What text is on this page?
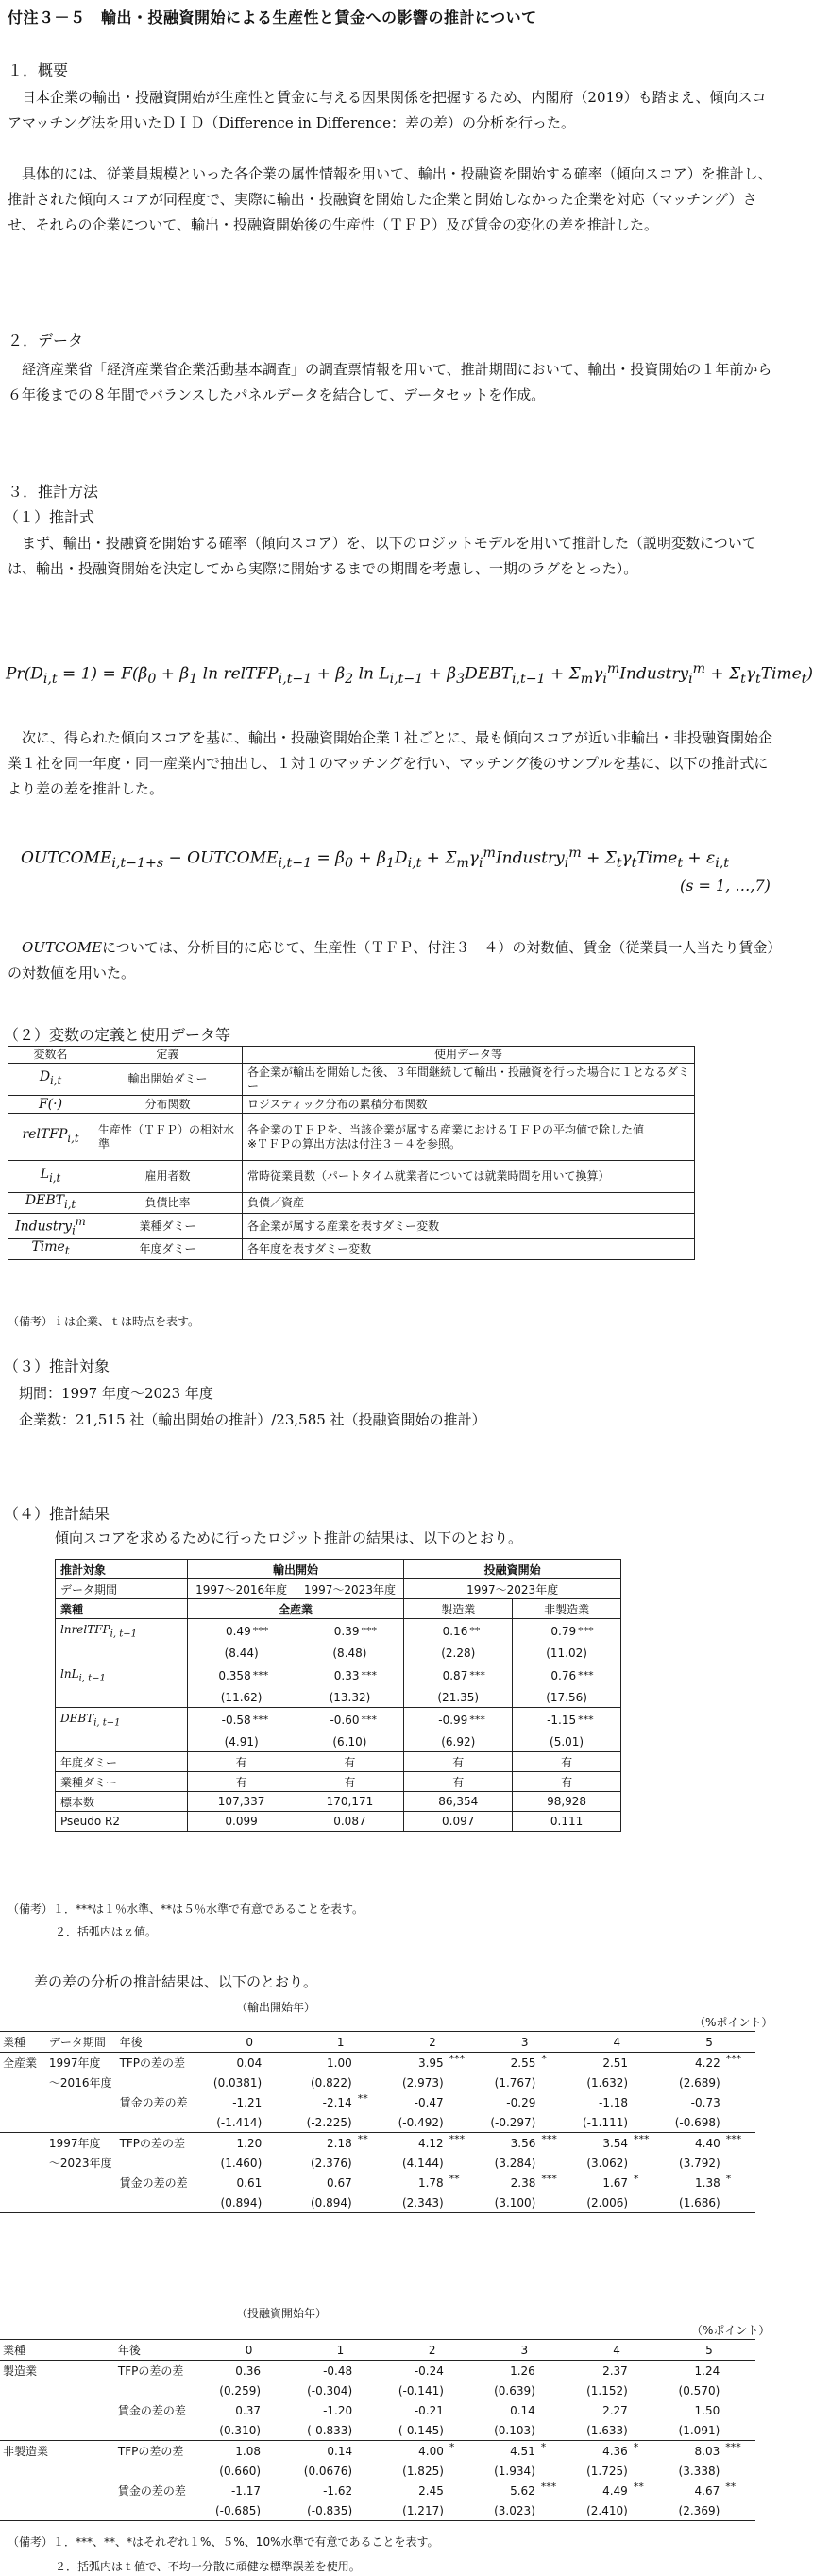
付注３－５　輸出・投融資開始による生産性と賃金への影響の推計について
１．概要
日本企業の輸出・投融資開始が生産性と賃金に与える因果関係を把握するため、内閣府（2019）も踏まえ、傾向スコアマッチング法を用いたＤＩＤ（Difference in Difference：差の差）の分析を行った。
具体的には、従業員規模といった各企業の属性情報を用いて、輸出・投融資を開始する確率（傾向スコア）を推計し、推計された傾向スコアが同程度で、実際に輸出・投融資を開始した企業と開始しなかった企業を対応（マッチング）させ、それらの企業について、輸出・投融資開始後の生産性（ＴＦＰ）及び賃金の変化の差を推計した。
２．データ
経済産業省「経済産業省企業活動基本調査」の調査票情報を用いて、推計期間において、輸出・投資開始の１年前から６年後までの８年間でバランスしたパネルデータを結合して、データセットを作成。
３．推計方法
（１）推計式
まず、輸出・投融資を開始する確率（傾向スコア）を、以下のロジットモデルを用いて推計した（説明変数については、輸出・投融資開始を決定してから実際に開始するまでの期間を考慮し、一期のラグをとった）。
$Pr(D_{i,t} = 1) = F(\beta_0 + \beta_1$ ln relTFP$_{i,t-1}$ + $\beta_2$ $\ln L_{i,t-1}$ + $\beta_3DEBT_{i,t-1}$ + $\Sigma_m\gamma_i^mIndustry_i^m$ + $\Sigma_t\gamma_tTime_t$)
次に、得られた傾向スコアを基に、輸出・投融資開始企業１社ごとに、最も傾向スコアが近い非輸出・非投融資開始企業１社を同一年度・同一産業内で抽出し、１対１のマッチングを行い、マッチング後のサンプルを基に、以下の推計式により差の差を推計した。
$OUTCOME_{i,t-1+s}$ − $OUTCOME_{i,t-1} = \beta_0 + \beta_1D_{i,t}$ + $\Sigma_m\gamma_i^mIndustry_i^m$ + $\Sigma_t\gamma_tTime_t + \varepsilon_{i,t}$
(s = 1, …,7)
OUTCOMEについては、分析目的に応じて、生産性（ＴＦＰ、付注３－４）の対数値、賃金（従業員一人当たり賃金）の対数値を用いた。
（２）変数の定義と使用データ等
変数名	定義	使用データ等
$D_{i,t}$	輸出開始ダミー	各企業が輸出を開始した後、３年間継続して輸出・投融資を行った場合に１となるダミー
F(·)	分布関数	ロジスティック分布の累積分布関数
relTFP$_{i,t}$	生産性（ＴＦＰ）の相対水準	各企業のＴＦＰを、当該企業が属する産業におけるＴＦＰの平均値で除した値
※ＴＦＰの算出方法は付注３－４を参照。

$L_{i,t}$	雇用者数	常時従業員数（パートタイム就業者については就業時間を用いて換算）
$DEBT_{i,t}$	負債比率	負債／資産
Industry$_i^m$	業種ダミー	各企業が属する産業を表すダミー変数
Time$_t$	年度ダミー	各年度を表すダミー変数
（備考）ｉは企業、ｔは時点を表す。
（３）推計対象
期間：1997 年度～2023 年度
企業数：21,515 社（輸出開始の推計）/23,585 社（投融資開始の推計）
（４）推計結果
傾向スコアを求めるために行ったロジット推計の結果は、以下のとおり。
推計対象	輸出開始		投融資開始	
データ期間	1997～2016年度	1997～2023年度	1997～2023年度	
業種	全産業		製造業	非製造業
lnrelTFP$_{i, t-1}$	0.49 ***	0.39 ***	0.16 **	0.79 ***
	(8.44)	(8.48)	(2.28)	(11.02)
lnL$_{i, t-1}$	0.358 ***	0.33 ***	0.87 ***	0.76 ***
	(11.62)	(13.32)	(21.35)	(17.56)
$DEBT_{i, t-1}$	-0.58 ***	-0.60 ***	-0.99 ***	-1.15 ***
	(4.91)	(6.10)	(6.92)	(5.01)
年度ダミー	有	有	有	有
業種ダミー	有	有	有	有
標本数	107,337	170,171	86,354	98,928
Pseudo R2	0.099	0.087	0.097	0.111
（備考）１．***は１％水準、**は５％水準で有意であることを表す。
２．括弧内はｚ値。
差の差の分析の推計結果は、以下のとおり。
（輸出開始年）
（%ポイント）
業種	データ期間	年後	0		1		2		3		4		5	
全産業	1997年度	TFPの差の差	0.04		1.00		3.95	***	2.55	*	2.51		4.22	***
	～2016年度		(0.0381)		(0.822)		(2.973)		(1.767)		(1.632)		(2.689)	
		賃金の差の差	-1.21		-2.14	**	-0.47		-0.29		-1.18		-0.73	
			(-1.414)		(-2.225)		(-0.492)		(-0.297)		(-1.111)		(-0.698)	
	1997年度	TFPの差の差	1.20		2.18	**	4.12	***	3.56	***	3.54	***	4.40	***
	～2023年度		(1.460)		(2.376)		(4.144)		(3.284)		(3.062)		(3.792)	
		賃金の差の差	0.61		0.67		1.78	**	2.38	***	1.67	*	1.38	*
			(0.894)		(0.894)		(2.343)		(3.100)		(2.006)		(1.686)	
（投融資開始年）
（%ポイント）
業種		年後	0		1		2		3		4		5	
製造業		TFPの差の差	0.36		-0.48		-0.24		1.26		2.37		1.24	
			(0.259)		(-0.304)		(-0.141)		(0.639)		(1.152)		(0.570)	
		賃金の差の差	0.37		-1.20		-0.21		0.14		2.27		1.50	
			(0.310)		(-0.833)		(-0.145)		(0.103)		(1.633)		(1.091)	
非製造業		TFPの差の差	1.08		0.14		4.00	*	4.51	*	4.36	*	8.03	***
			(0.660)		(0.0676)		(1.825)		(1.934)		(1.725)		(3.338)	
		賃金の差の差	-1.17		-1.62		2.45		5.62	***	4.49	**	4.67	**
			(-0.685)		(-0.835)		(1.217)		(3.023)		(2.410)		(2.369)	
（備考）１．***、**、*はそれぞれ１%、５%、10%水準で有意であることを表す。
２．括弧内はｔ値で、不均一分散に頑健な標準誤差を使用。
